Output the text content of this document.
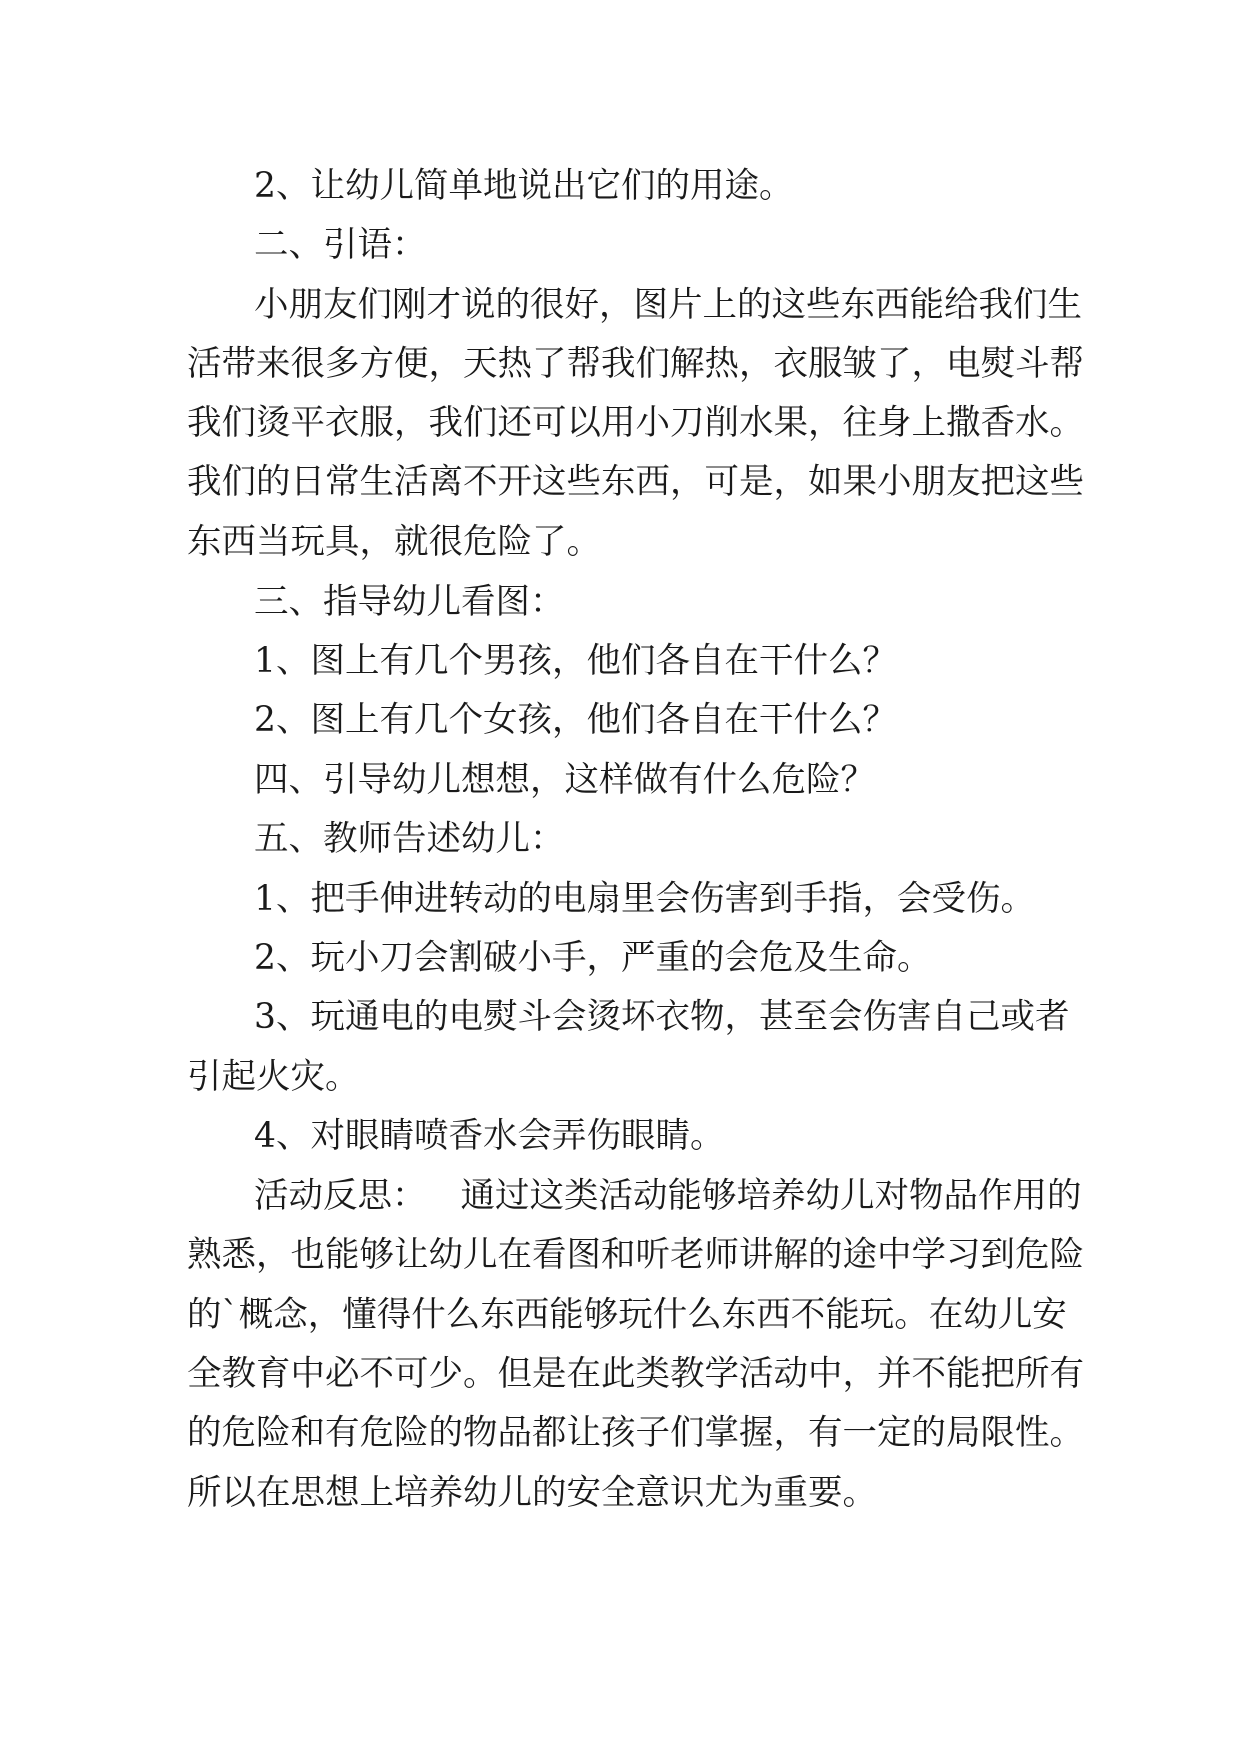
2、让幼儿简单地说出它们的用途。
二、引语：
小朋友们刚才说的很好，图片上的这些东西能给我们生
活带来很多方便，天热了帮我们解热，衣服皱了，电熨斗帮
我们烫平衣服，我们还可以用小刀削水果，往身上撒香水。
我们的日常生活离不开这些东西，可是，如果小朋友把这些
东西当玩具，就很危险了。
三、指导幼儿看图：
1、图上有几个男孩，他们各自在干什么？
2、图上有几个女孩，他们各自在干什么？
四、引导幼儿想想，这样做有什么危险？
五、教师告述幼儿：
1、把手伸进转动的电扇里会伤害到手指，会受伤。
2、玩小刀会割破小手，严重的会危及生命。
3、玩通电的电熨斗会烫坏衣物，甚至会伤害自己或者
引起火灾。
4、对眼睛喷香水会弄伤眼睛。
活动反思： 通过这类活动能够培养幼儿对物品作用的
熟悉，也能够让幼儿在看图和听老师讲解的途中学习到危险
的`概念，懂得什么东西能够玩什么东西不能玩。在幼儿安
全教育中必不可少。但是在此类教学活动中，并不能把所有
的危险和有危险的物品都让孩子们掌握，有一定的局限性。
所以在思想上培养幼儿的安全意识尤为重要。
